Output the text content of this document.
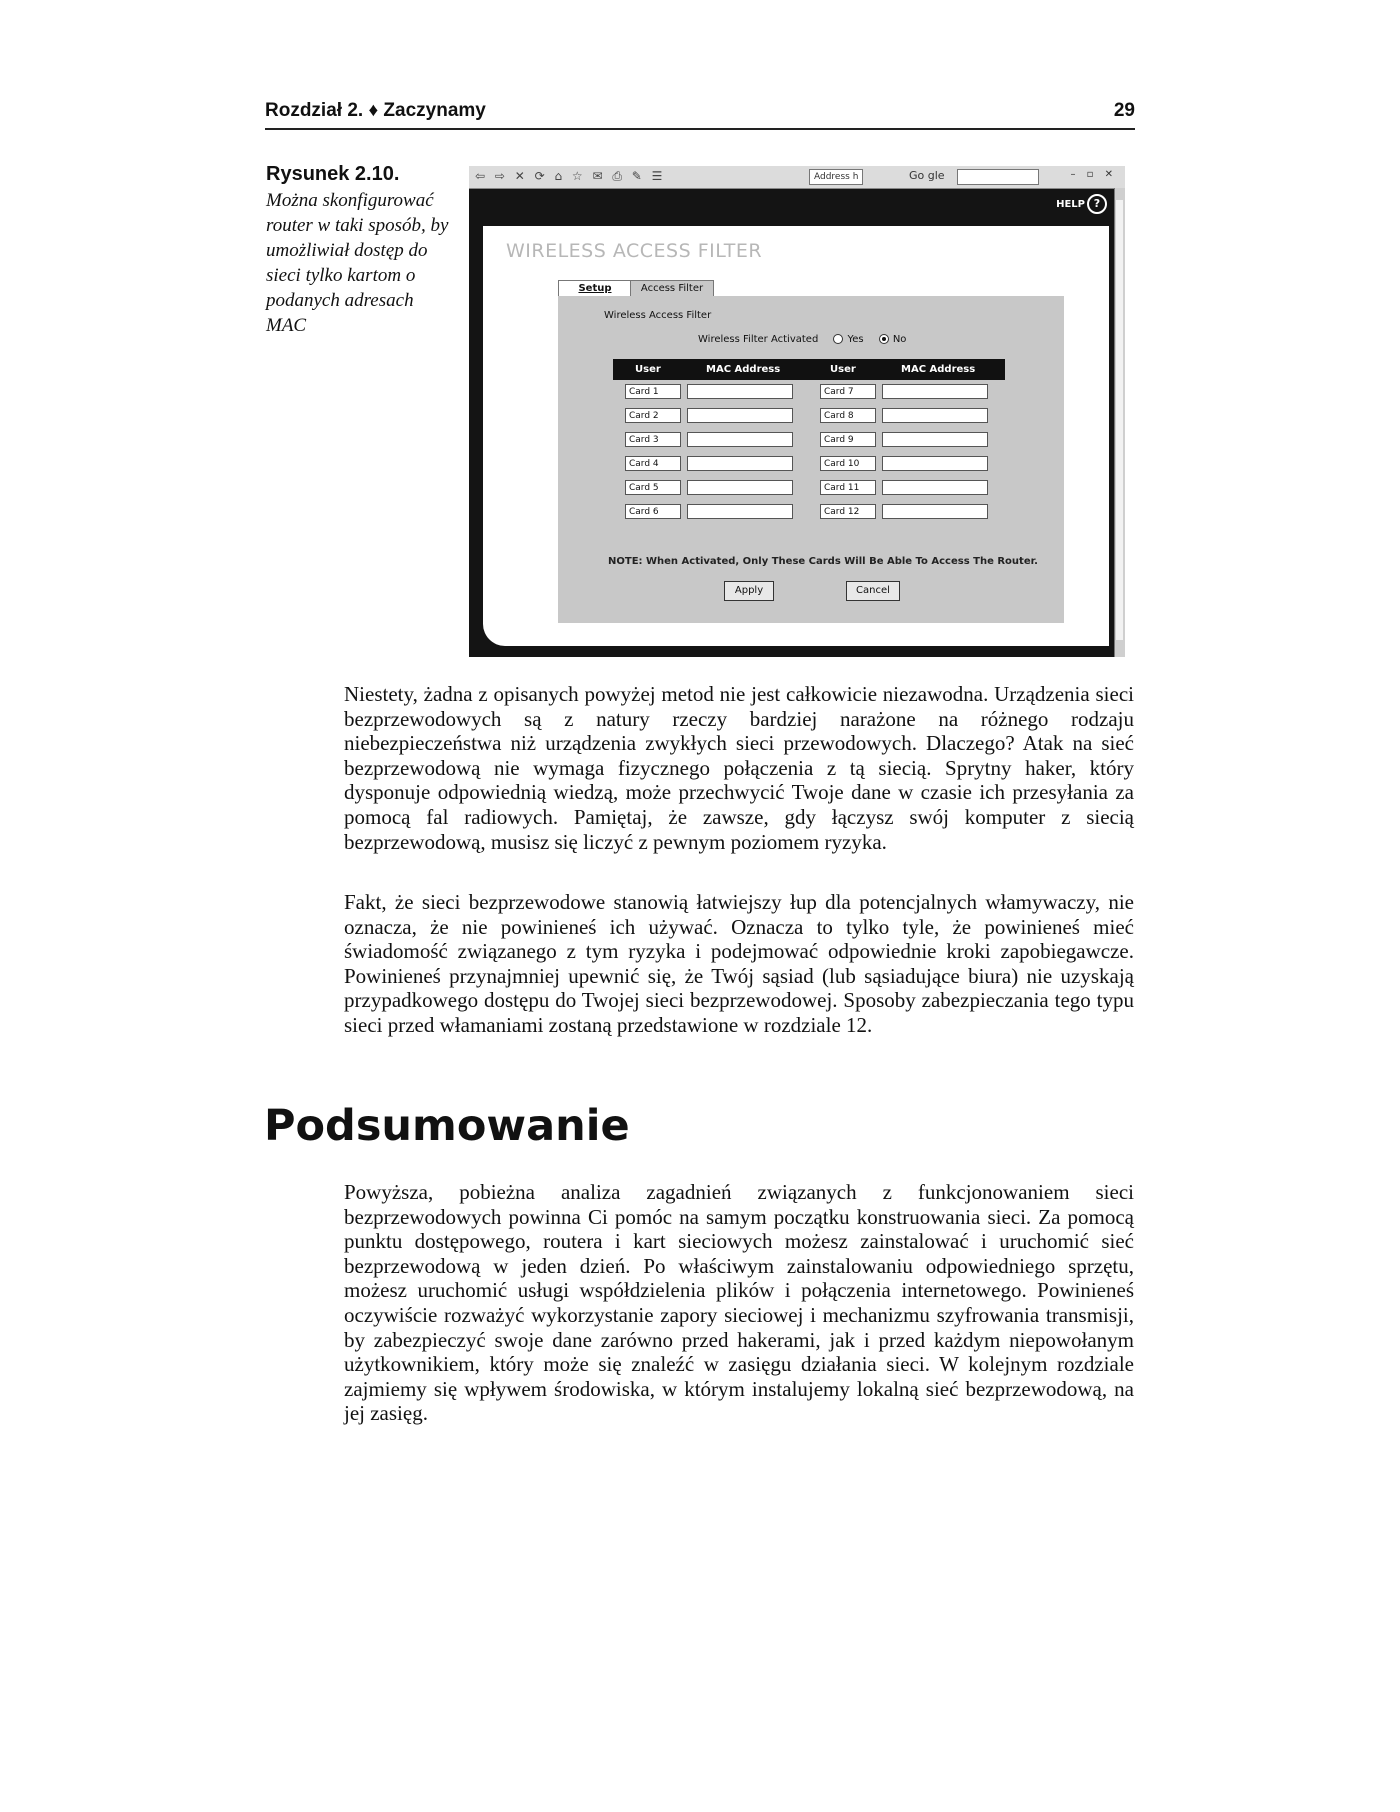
Rozdział 2. ♦ Zaczynamy	29
Rysunek 2.10.
Można skonfigurować router w taki sposób, by umożliwiał dostęp do sieci tylko kartom o podanych adresach MAC
⇦ ⇨ ✕ ⟳ ⌂ ☆ ✉ ⎙ ✎ ☰	Address h	Go gle	– ▫ ✕
HELP ?
WIRELESS ACCESS FILTER
Setup	Access Filter
Wireless Access Filter
Wireless Filter Activated	Yes	No
User	MAC Address	User	MAC Address
Card 1	Card 7
Card 2	Card 8
Card 3	Card 9
Card 4	Card 10
Card 5	Card 11
Card 6	Card 12
NOTE: When Activated, Only These Cards Will Be Able To Access The Router.
Apply	Cancel
Niestety, żadna z opisanych powyżej metod nie jest całkowicie niezawodna. Urządzenia sieci bezprzewodowych są z natury rzeczy bardziej narażone na różnego rodzaju niebezpieczeństwa niż urządzenia zwykłych sieci przewodowych. Dlaczego? Atak na sieć bezprzewodową nie wymaga fizycznego połączenia z tą siecią. Sprytny haker, który dysponuje odpowiednią wiedzą, może przechwycić Twoje dane w czasie ich przesyłania za pomocą fal radiowych. Pamiętaj, że zawsze, gdy łączysz swój komputer z siecią bezprzewodową, musisz się liczyć z pewnym poziomem ryzyka.
Fakt, że sieci bezprzewodowe stanowią łatwiejszy łup dla potencjalnych włamywaczy, nie oznacza, że nie powinieneś ich używać. Oznacza to tylko tyle, że powinieneś mieć świadomość związanego z tym ryzyka i podejmować odpowiednie kroki zapobiegawcze. Powinieneś przynajmniej upewnić się, że Twój sąsiad (lub sąsiadujące biura) nie uzyskają przypadkowego dostępu do Twojej sieci bezprzewodowej. Sposoby zabezpieczania tego typu sieci przed włamaniami zostaną przedstawione w rozdziale 12.
Podsumowanie
Powyższa, pobieżna analiza zagadnień związanych z funkcjonowaniem sieci bezprzewodowych powinna Ci pomóc na samym początku konstruowania sieci. Za pomocą punktu dostępowego, routera i kart sieciowych możesz zainstalować i uruchomić sieć bezprzewodową w jeden dzień. Po właściwym zainstalowaniu odpowiedniego sprzętu, możesz uruchomić usługi współdzielenia plików i połączenia internetowego. Powinieneś oczywiście rozważyć wykorzystanie zapory sieciowej i mechanizmu szyfrowania transmisji, by zabezpieczyć swoje dane zarówno przed hakerami, jak i przed każdym niepowołanym użytkownikiem, który może się znaleźć w zasięgu działania sieci. W kolejnym rozdziale zajmiemy się wpływem środowiska, w którym instalujemy lokalną sieć bezprzewodową, na jej zasięg.
